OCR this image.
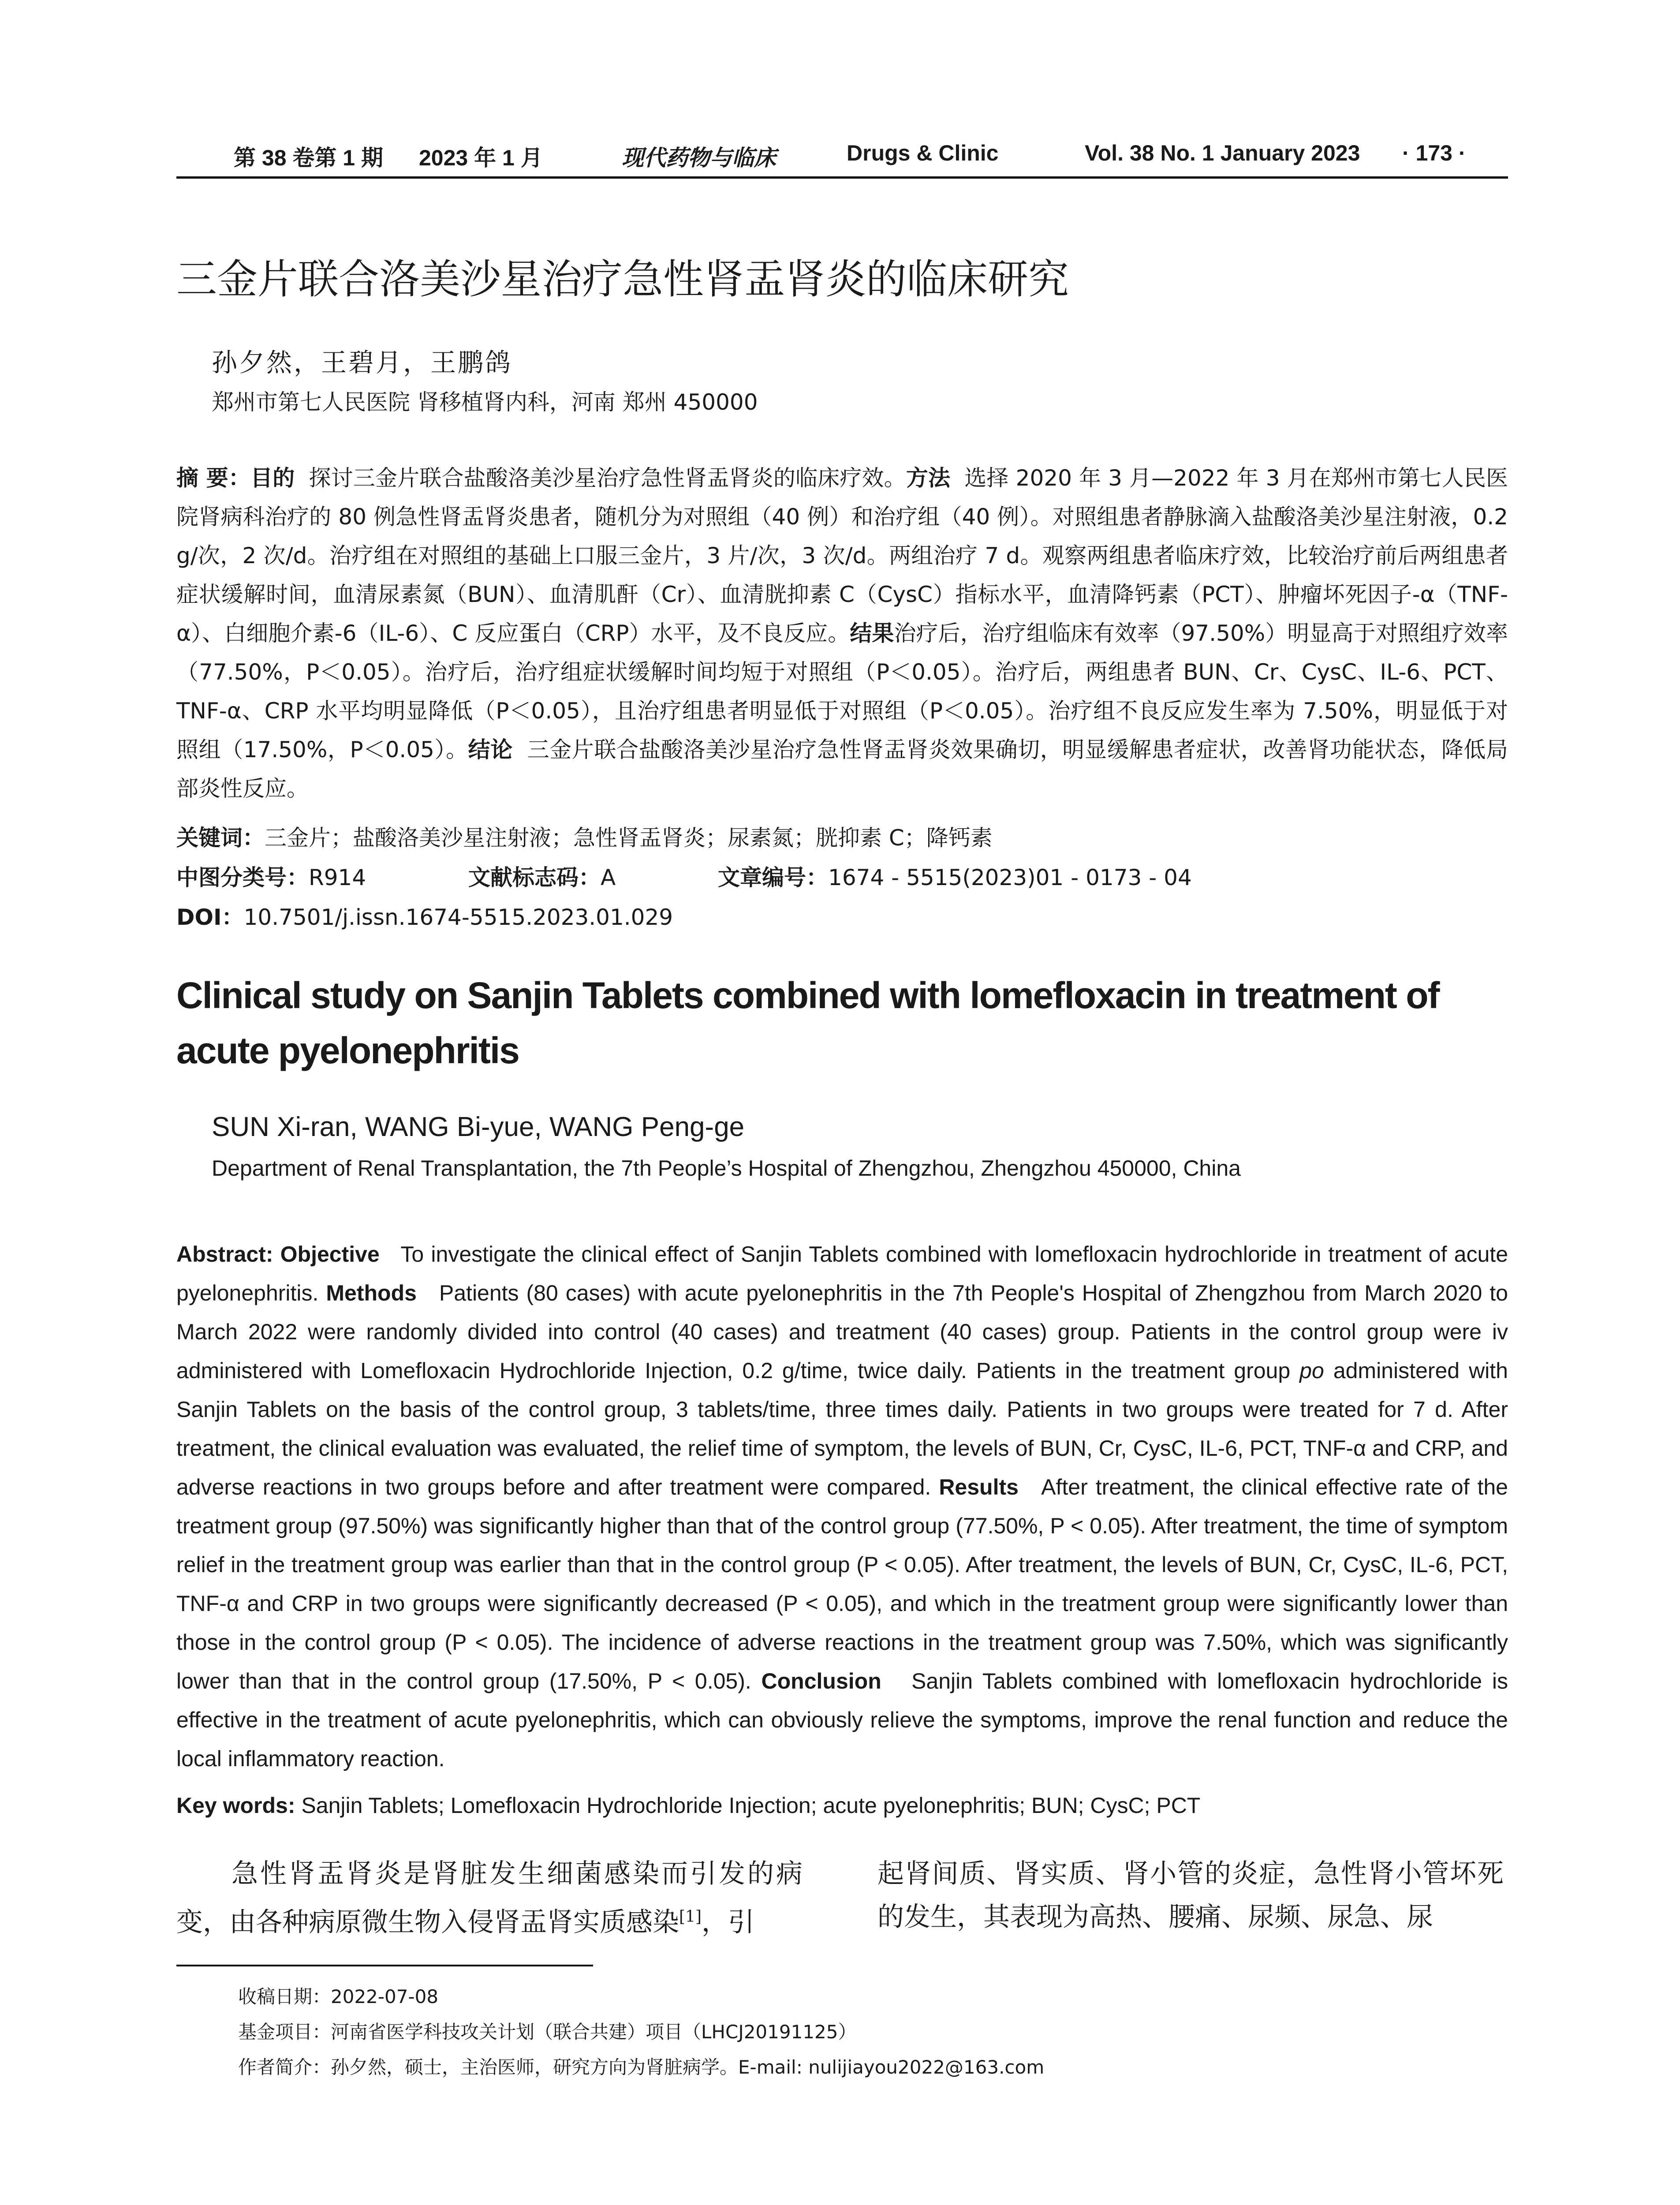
第 38 卷第 1 期 2023 年 1 月	现代药物与临床	Drugs & Clinic	Vol. 38 No. 1 January 2023 · 173 ·
三金片联合洛美沙星治疗急性肾盂肾炎的临床研究
孙夕然，王碧月，王鹏鸽
郑州市第七人民医院 肾移植肾内科，河南 郑州 450000
摘 要：目的 探讨三金片联合盐酸洛美沙星治疗急性肾盂肾炎的临床疗效。方法 选择 2020 年 3 月—2022 年 3 月在郑州市第七人民医院肾病科治疗的 80 例急性肾盂肾炎患者，随机分为对照组（40 例）和治疗组（40 例）。对照组患者静脉滴入盐酸洛美沙星注射液，0.2 g/次，2 次/d。治疗组在对照组的基础上口服三金片，3 片/次，3 次/d。两组治疗 7 d。观察两组患者临床疗效，比较治疗前后两组患者症状缓解时间，血清尿素氮（BUN）、血清肌酐（Cr）、血清胱抑素 C（CysC）指标水平，血清降钙素（PCT）、肿瘤坏死因子-α（TNF-α）、白细胞介素-6（IL-6）、C 反应蛋白（CRP）水平，及不良反应。结果治疗后，治疗组临床有效率（97.50%）明显高于对照组疗效率（77.50%，P＜0.05）。治疗后，治疗组症状缓解时间均短于对照组（P＜0.05）。治疗后，两组患者 BUN、Cr、CysC、IL-6、PCT、TNF-α、CRP 水平均明显降低（P＜0.05），且治疗组患者明显低于对照组（P＜0.05）。治疗组不良反应发生率为 7.50%，明显低于对照组（17.50%，P＜0.05）。结论 三金片联合盐酸洛美沙星治疗急性肾盂肾炎效果确切，明显缓解患者症状，改善肾功能状态，降低局部炎性反应。
关键词：三金片；盐酸洛美沙星注射液；急性肾盂肾炎；尿素氮；胱抑素 C；降钙素
中图分类号：R914	文献标志码：A	文章编号：1674 - 5515(2023)01 - 0173 - 04
DOI：10.7501/j.issn.1674-5515.2023.01.029
Clinical study on Sanjin Tablets combined with lomefloxacin in treatment of acute pyelonephritis
SUN Xi-ran, WANG Bi-yue, WANG Peng-ge
Department of Renal Transplantation, the 7th People’s Hospital of Zhengzhou, Zhengzhou 450000, China
Abstract: Objective To investigate the clinical effect of Sanjin Tablets combined with lomefloxacin hydrochloride in treatment of acute pyelonephritis. Methods Patients (80 cases) with acute pyelonephritis in the 7th People's Hospital of Zhengzhou from March 2020 to March 2022 were randomly divided into control (40 cases) and treatment (40 cases) group. Patients in the control group were iv administered with Lomefloxacin Hydrochloride Injection, 0.2 g/time, twice daily. Patients in the treatment group po administered with Sanjin Tablets on the basis of the control group, 3 tablets/time, three times daily. Patients in two groups were treated for 7 d. After treatment, the clinical evaluation was evaluated, the relief time of symptom, the levels of BUN, Cr, CysC, IL-6, PCT, TNF-α and CRP, and adverse reactions in two groups before and after treatment were compared. Results After treatment, the clinical effective rate of the treatment group (97.50%) was significantly higher than that of the control group (77.50%, P < 0.05). After treatment, the time of symptom relief in the treatment group was earlier than that in the control group (P < 0.05). After treatment, the levels of BUN, Cr, CysC, IL-6, PCT, TNF-α and CRP in two groups were significantly decreased (P < 0.05), and which in the treatment group were significantly lower than those in the control group (P < 0.05). The incidence of adverse reactions in the treatment group was 7.50%, which was significantly lower than that in the control group (17.50%, P < 0.05). Conclusion Sanjin Tablets combined with lomefloxacin hydrochloride is effective in the treatment of acute pyelonephritis, which can obviously relieve the symptoms, improve the renal function and reduce the local inflammatory reaction.
Key words: Sanjin Tablets; Lomefloxacin Hydrochloride Injection; acute pyelonephritis; BUN; CysC; PCT
急性肾盂肾炎是肾脏发生细菌感染而引发的病变，由各种病原微生物入侵肾盂肾实质感染[1]，引
起肾间质、肾实质、肾小管的炎症，急性肾小管坏死的发生，其表现为高热、腰痛、尿频、尿急、尿
收稿日期：2022-07-08
基金项目：河南省医学科技攻关计划（联合共建）项目（LHCJ20191125）
作者简介：孙夕然，硕士，主治医师，研究方向为肾脏病学。E-mail: nulijiayou2022@163.com
